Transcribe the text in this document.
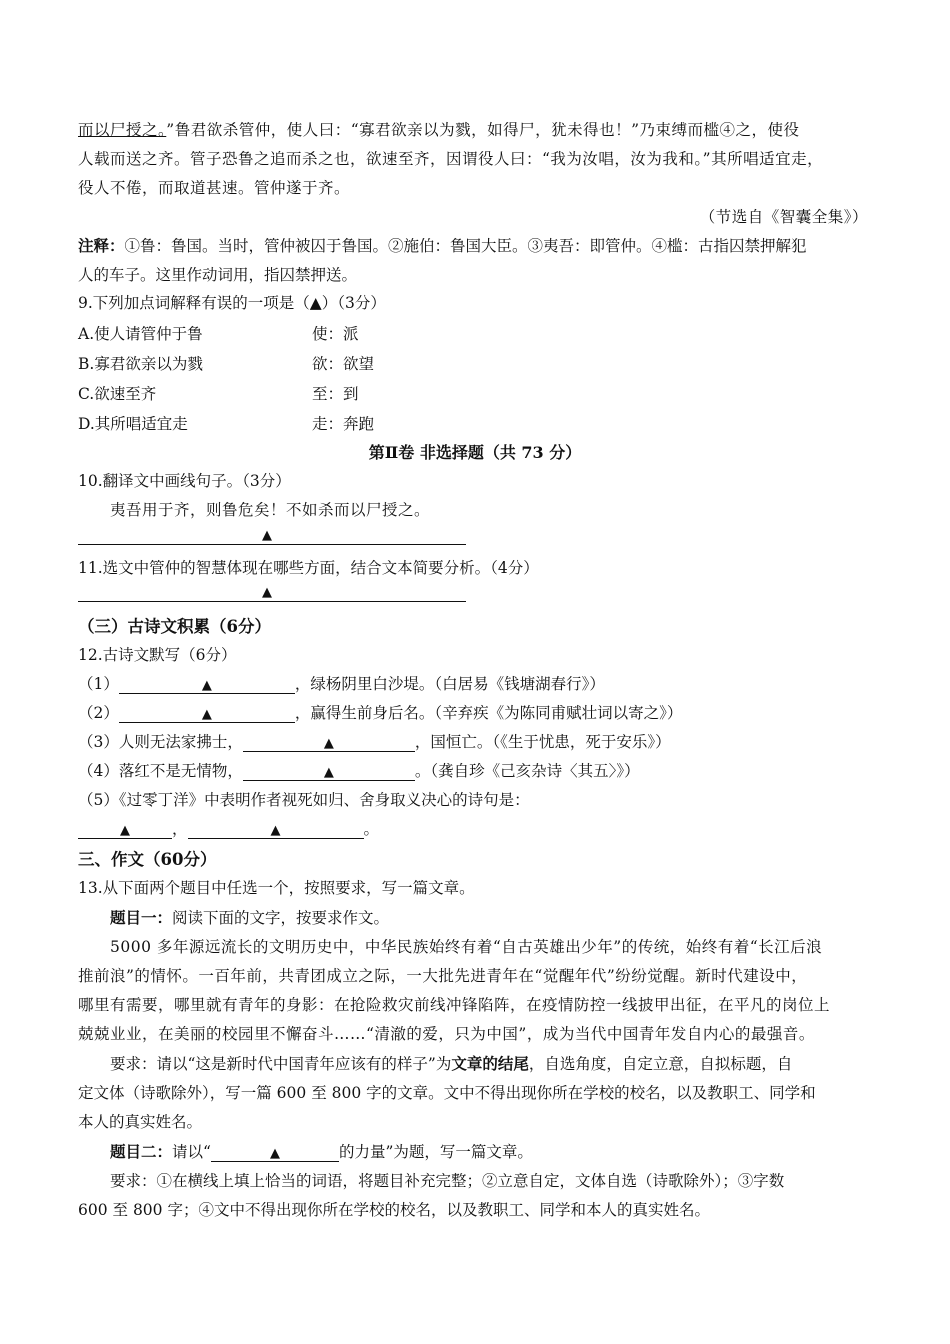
而以尸授之。”鲁君欲杀管仲，使人曰：“寡君欲亲以为戮，如得尸，犹未得也！”乃束缚而槛④之，使役
人载而送之齐。管子恐鲁之追而杀之也，欲速至齐，因谓役人曰：“我为汝唱，汝为我和。”其所唱适宜走，
役人不倦，而取道甚速。管仲遂于齐。
（节选自《智囊全集》）
注释：①鲁：鲁国。当时，管仲被囚于鲁国。②施伯：鲁国大臣。③夷吾：即管仲。④槛：古指囚禁押解犯
人的车子。这里作动词用，指囚禁押送。
9.下列加点词解释有误的一项是（▲）（3分）
A.使人请管仲于鲁	使：派
B.寡君欲亲以为戮	欲：欲望
C.欲速至齐	至：到
D.其所唱适宜走	走：奔跑
第Ⅱ卷 非选择题（共 73 分）
10.翻译文中画线句子。（3分）
夷吾用于齐，则鲁危矣！不如杀而以尸授之。
▲
11.选文中管仲的智慧体现在哪些方面，结合文本简要分析。（4分）
▲
（三）古诗文积累（6分）
12.古诗文默写（6分）
（1）	▲	，绿杨阴里白沙堤。（白居易《钱塘湖春行》）
（2）	▲	，赢得生前身后名。（辛弃疾《为陈同甫赋壮词以寄之》）
（3）人则无法家拂士，	▲	，国恒亡。（《生于忧患，死于安乐》）
（4）落红不是无情物，	▲	。（龚自珍《己亥杂诗〈其五〉》）
（5）《过零丁洋》中表明作者视死如归、舍身取义决心的诗句是：
▲	，	▲	。
三、作文（60分）
13.从下面两个题目中任选一个，按照要求，写一篇文章。
题目一：阅读下面的文字，按要求作文。
5000 多年源远流长的文明历史中，中华民族始终有着“自古英雄出少年”的传统，始终有着“长江后浪
推前浪”的情怀。一百年前，共青团成立之际，一大批先进青年在“觉醒年代”纷纷觉醒。新时代建设中，
哪里有需要，哪里就有青年的身影：在抢险救灾前线冲锋陷阵，在疫情防控一线披甲出征，在平凡的岗位上
兢兢业业，在美丽的校园里不懈奋斗……“清澈的爱，只为中国”，成为当代中国青年发自内心的最强音。
要求：请以“这是新时代中国青年应该有的样子”为文章的结尾，自选角度，自定立意，自拟标题，自
定文体（诗歌除外），写一篇 600 至 800 字的文章。文中不得出现你所在学校的校名，以及教职工、同学和
本人的真实姓名。
题目二：请以“	▲	的力量”为题，写一篇文章。
要求：①在横线上填上恰当的词语，将题目补充完整；②立意自定，文体自选（诗歌除外）；③字数
600 至 800 字；④文中不得出现你所在学校的校名，以及教职工、同学和本人的真实姓名。
